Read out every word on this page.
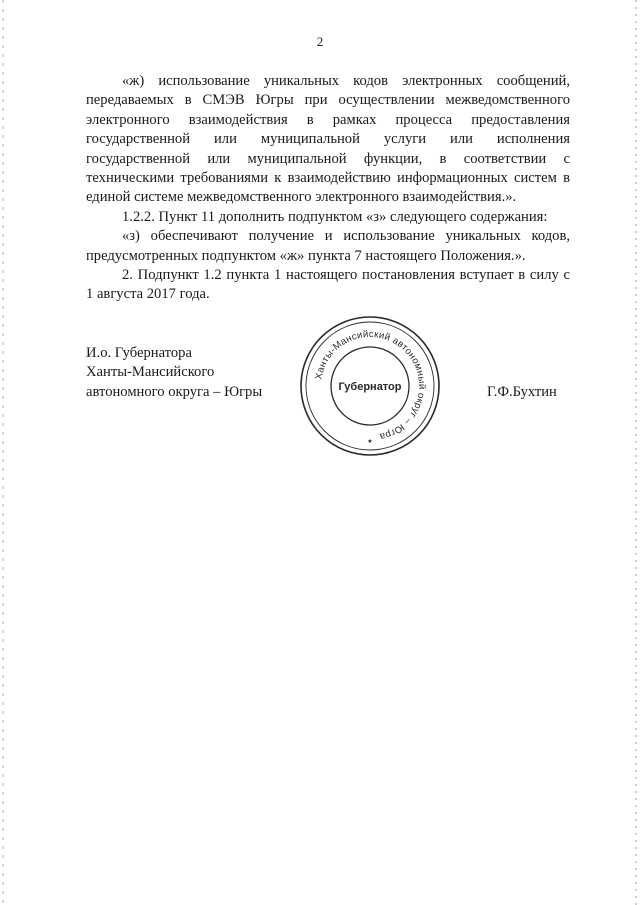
2

«ж) использование уникальных кодов электронных сообщений, передаваемых в СМЭВ Югры при осуществлении межведомственного электронного взаимодействия в рамках процесса предоставления государственной или муниципальной услуги или исполнения государственной или муниципальной функции, в соответствии с техническими требованиями к взаимодействию информационных систем в единой системе межведомственного электронного взаимодействия.».

1.2.2. Пункт 11 дополнить подпунктом «з» следующего содержания:

«з) обеспечивают получение и использование уникальных кодов, предусмотренных подпунктом «ж» пункта 7 настоящего Положения.».

2. Подпункт 1.2 пункта 1 настоящего постановления вступает в силу с 1 августа 2017 года.

И.о. Губернатора
Ханты-Мансийского
автономного округа – Югры
Ханты-Мансийский автономный округ – Югра
Губернатор
★
Г.Ф.Бухтин
